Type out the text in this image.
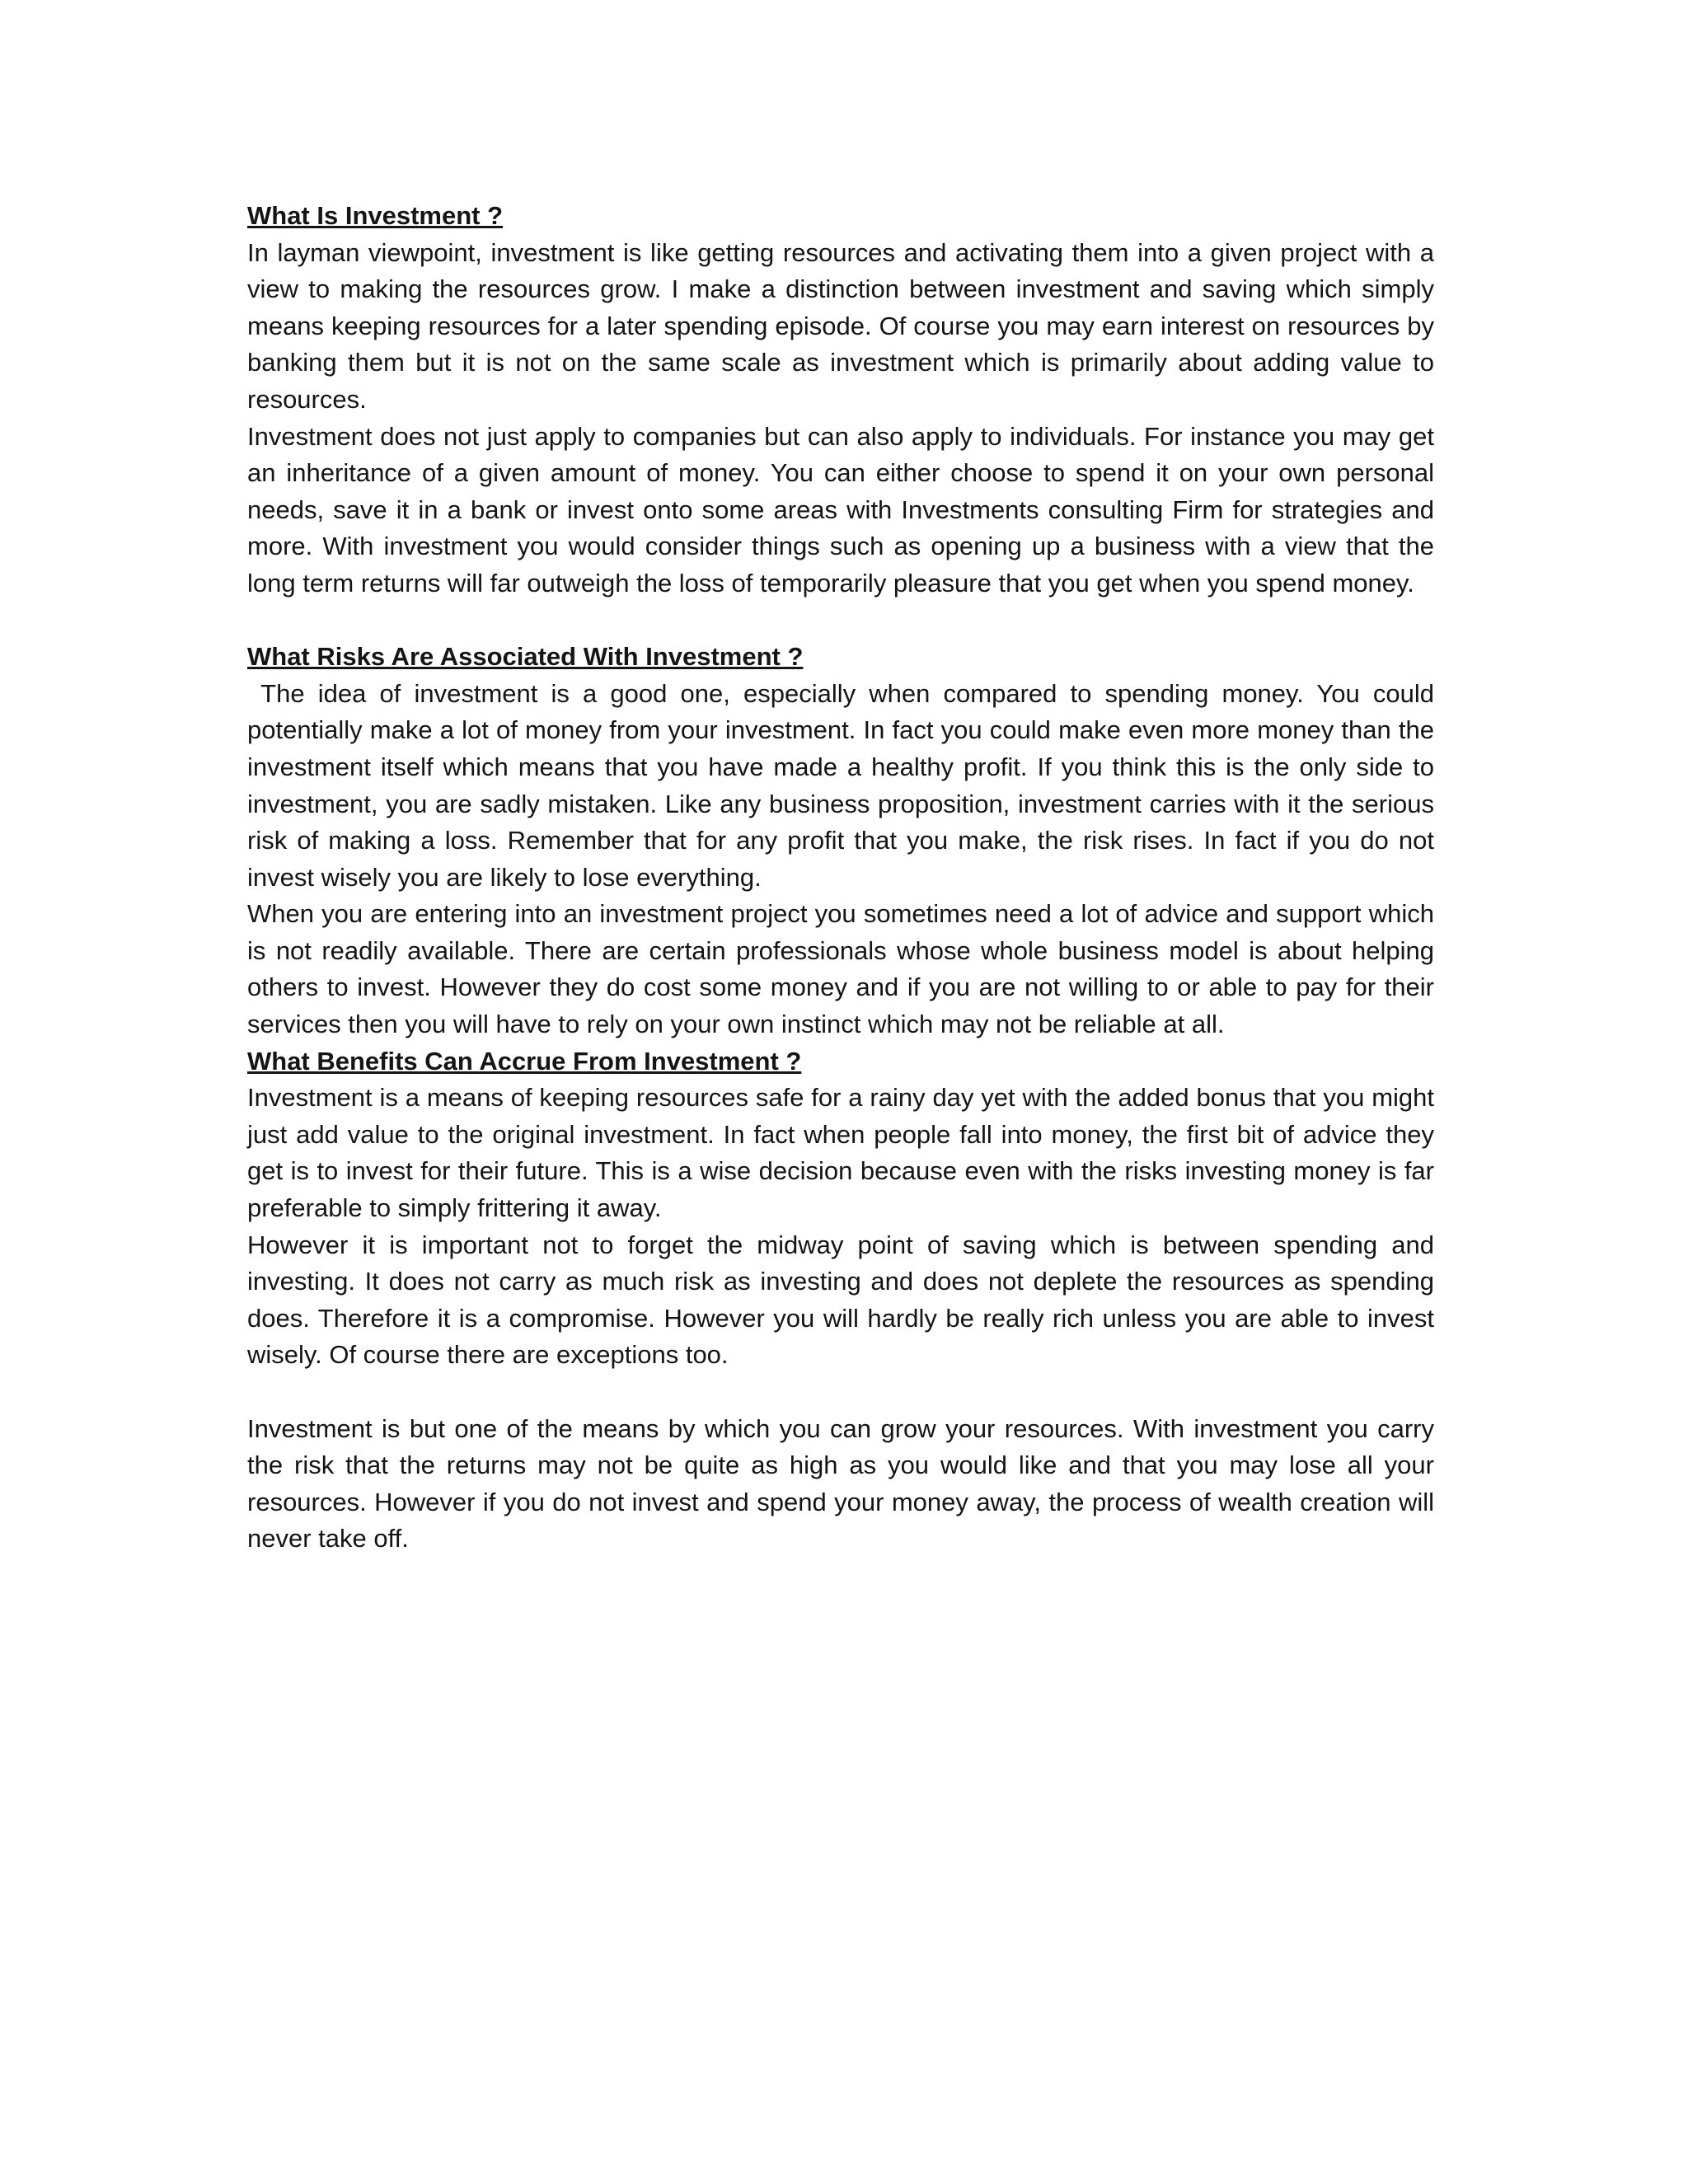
What Is Investment ?

In layman viewpoint, investment is like getting resources and activating them into a given project with a view to making the resources grow. I make a distinction between investment and saving which simply means keeping resources for a later spending episode. Of course you may earn interest on resources by banking them but it is not on the same scale as investment which is primarily about adding value to resources.

Investment does not just apply to companies but can also apply to individuals. For instance you may get an inheritance of a given amount of money. You can either choose to spend it on your own personal needs, save it in a bank or invest onto some areas with Investments consulting Firm for strategies and more. With investment you would consider things such as opening up a business with a view that the long term returns will far outweigh the loss of temporarily pleasure that you get when you spend money.

What Risks Are Associated With Investment ?

The idea of investment is a good one, especially when compared to spending money. You could potentially make a lot of money from your investment. In fact you could make even more money than the investment itself which means that you have made a healthy profit. If you think this is the only side to investment, you are sadly mistaken. Like any business proposition, investment carries with it the serious risk of making a loss. Remember that for any profit that you make, the risk rises. In fact if you do not invest wisely you are likely to lose everything.

When you are entering into an investment project you sometimes need a lot of advice and support which is not readily available. There are certain professionals whose whole business model is about helping others to invest. However they do cost some money and if you are not willing to or able to pay for their services then you will have to rely on your own instinct which may not be reliable at all.

What Benefits Can Accrue From Investment ?

Investment is a means of keeping resources safe for a rainy day yet with the added bonus that you might just add value to the original investment. In fact when people fall into money, the first bit of advice they get is to invest for their future. This is a wise decision because even with the risks investing money is far preferable to simply frittering it away.

However it is important not to forget the midway point of saving which is between spending and investing. It does not carry as much risk as investing and does not deplete the resources as spending does. Therefore it is a compromise. However you will hardly be really rich unless you are able to invest wisely. Of course there are exceptions too.

Investment is but one of the means by which you can grow your resources. With investment you carry the risk that the returns may not be quite as high as you would like and that you may lose all your resources. However if you do not invest and spend your money away, the process of wealth creation will never take off.
